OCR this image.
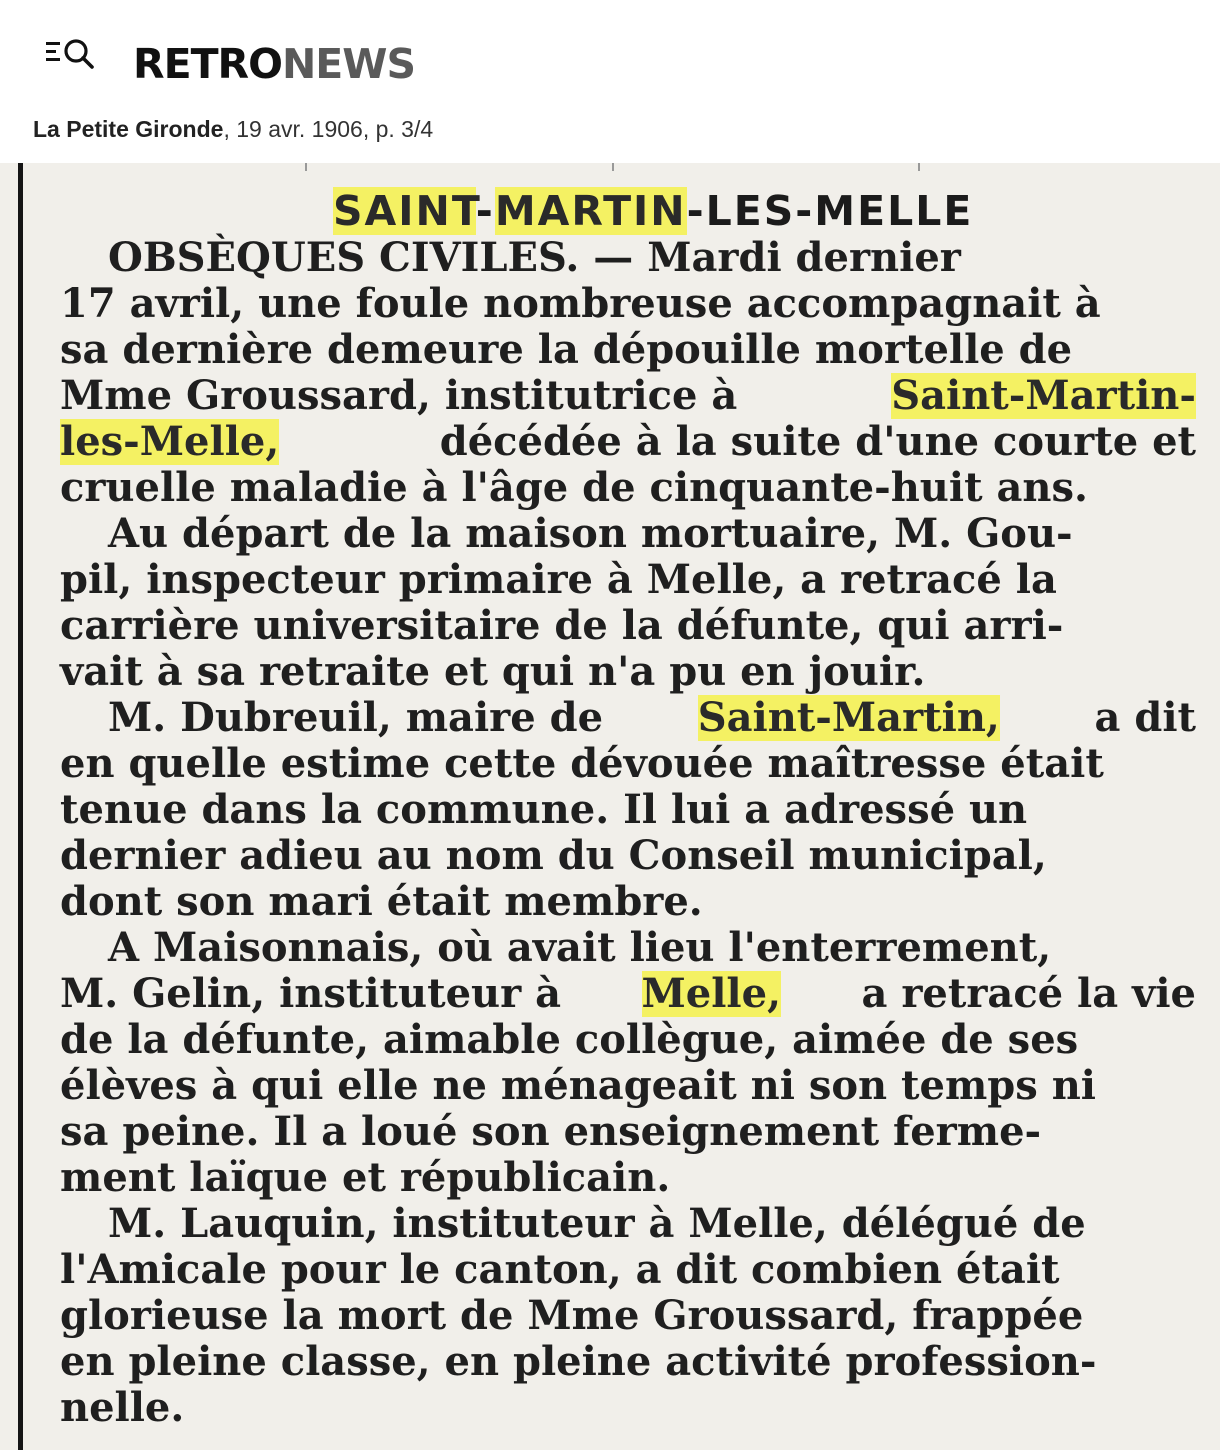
RETRONEWS
La Petite Gironde, 19 avr. 1906, p. 3/4
SAINT-MARTIN-LES-MELLE
OBSÈQUES CIVILES. — Mardi dernier
17 avril, une foule nombreuse accompagnait à
sa dernière demeure la dépouille mortelle de
Mme Groussard, institutrice à	Saint-Martin-
les-Melle,	décédée à la suite d'une courte et
cruelle maladie à l'âge de cinquante-huit ans.
Au départ de la maison mortuaire, M. Gou-
pil, inspecteur primaire à Melle, a retracé la
carrière universitaire de la défunte, qui arri-
vait à sa retraite et qui n'a pu en jouir.
M. Dubreuil, maire de Saint-Martin, a dit
en quelle estime cette dévouée maîtresse était
tenue dans la commune. Il lui a adressé un
dernier adieu au nom du Conseil municipal,
dont son mari était membre.
A Maisonnais, où avait lieu l'enterrement,
M. Gelin, instituteur à Melle, a retracé la vie
de la défunte, aimable collègue, aimée de ses
élèves à qui elle ne ménageait ni son temps ni
sa peine. Il a loué son enseignement ferme-
ment laïque et républicain.
M. Lauquin, instituteur à Melle, délégué de
l'Amicale pour le canton, a dit combien était
glorieuse la mort de Mme Groussard, frappée
en pleine classe, en pleine activité profession-
nelle.
